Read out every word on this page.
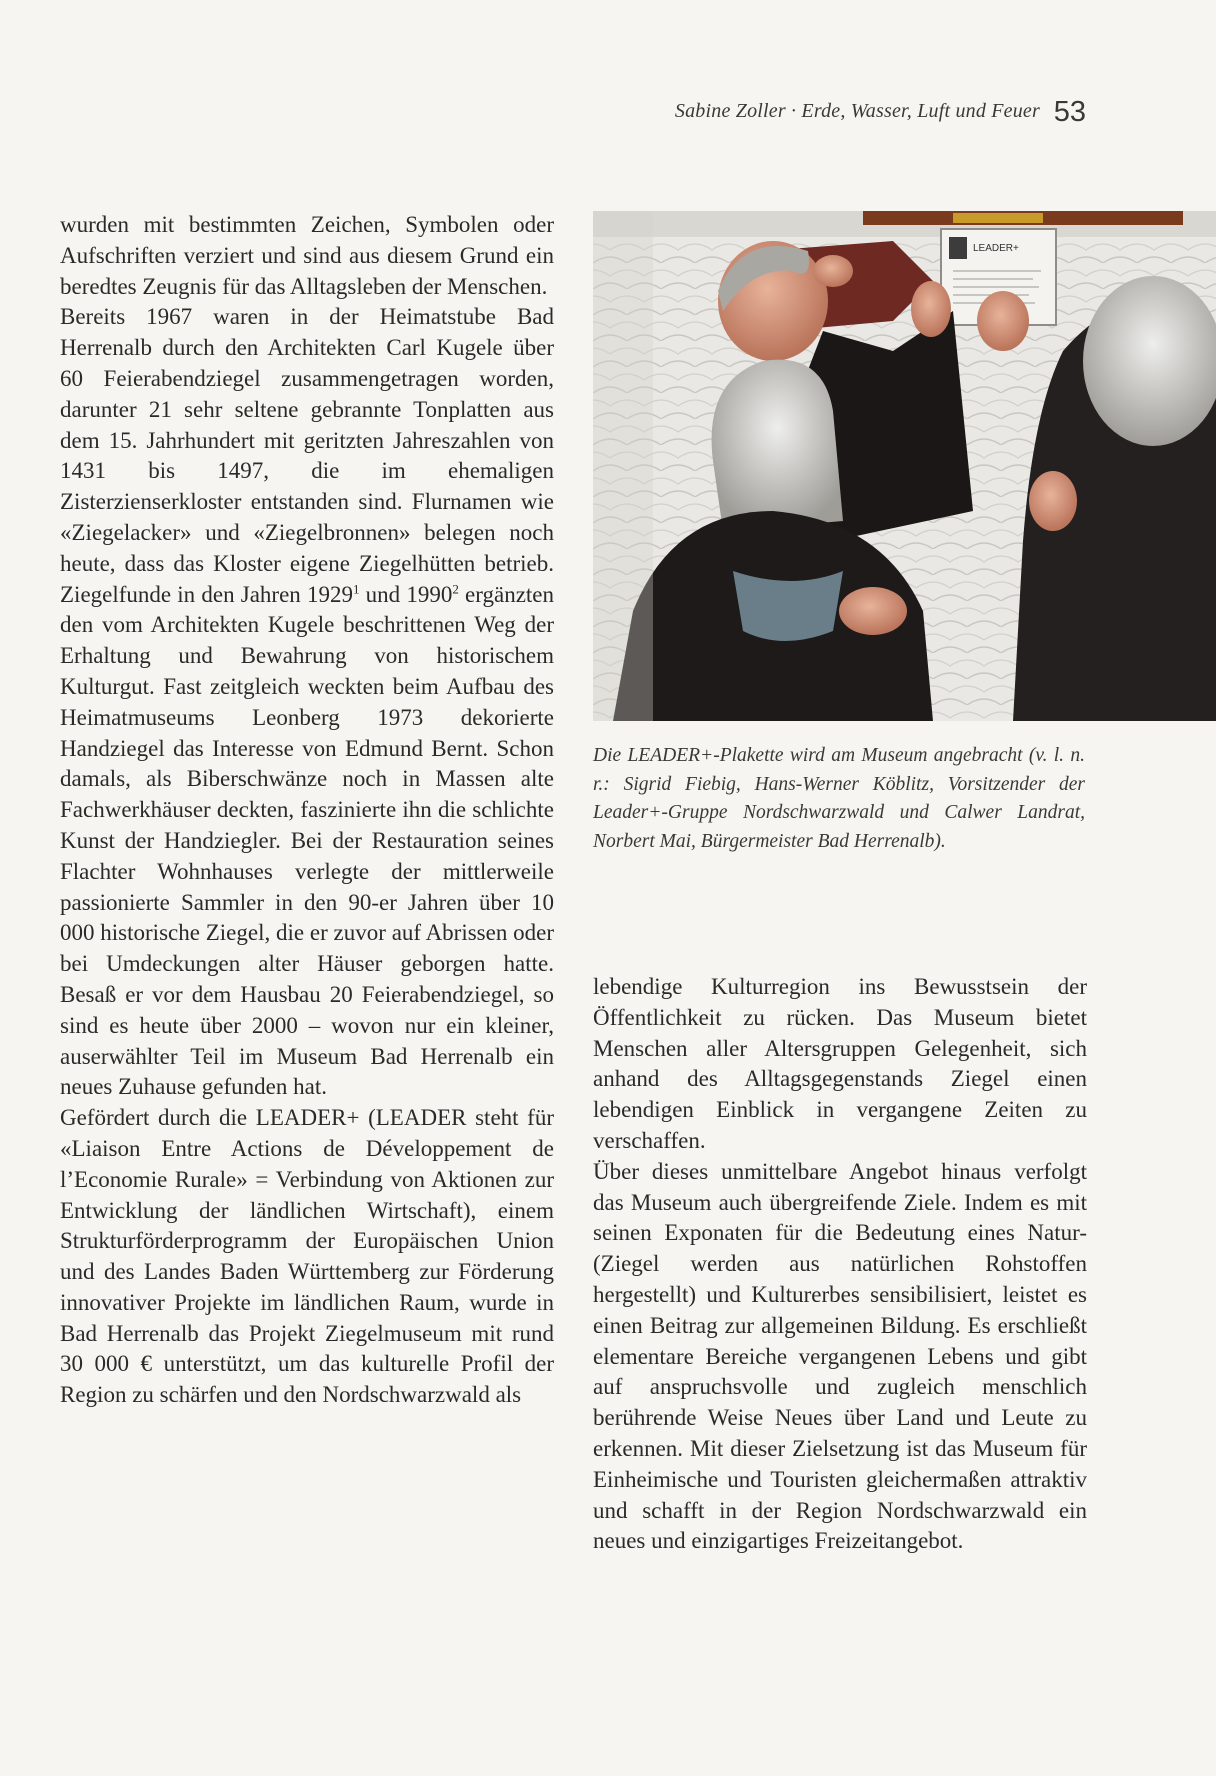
Sabine Zoller · Erde, Wasser, Luft und Feuer 53

wurden mit bestimmten Zeichen, Symbolen oder Aufschriften verziert und sind aus diesem Grund ein beredtes Zeugnis für das Alltagsleben der Menschen.

Bereits 1967 waren in der Heimatstube Bad Herrenalb durch den Architekten Carl Kugele über 60 Feierabendziegel zusammengetragen worden, darunter 21 sehr seltene gebrannte Tonplatten aus dem 15. Jahrhundert mit geritzten Jahreszahlen von 1431 bis 1497, die im ehemaligen Zisterzienserkloster entstanden sind. Flurnamen wie «Ziegelacker» und «Ziegelbronnen» belegen noch heute, dass das Kloster eigene Ziegelhütten betrieb. Ziegelfunde in den Jahren 1929$^1$ und 1990$^2$ ergänzten den vom Architekten Kugele beschrittenen Weg der Erhaltung und Bewahrung von historischem Kulturgut. Fast zeitgleich weckten beim Aufbau des Heimatmuseums Leonberg 1973 dekorierte Handziegel das Interesse von Edmund Bernt. Schon damals, als Biberschwänze noch in Massen alte Fachwerkhäuser deckten, faszinierte ihn die schlichte Kunst der Handziegler. Bei der Restauration seines Flachter Wohnhauses verlegte der mittlerweile passionierte Sammler in den 90-er Jahren über 10 000 historische Ziegel, die er zuvor auf Abrissen oder bei Umdeckungen alter Häuser geborgen hatte. Besaß er vor dem Hausbau 20 Feierabendziegel, so sind es heute über 2000 – wovon nur ein kleiner, auserwählter Teil im Museum Bad Herrenalb ein neues Zuhause gefunden hat.

Gefördert durch die LEADER+ (LEADER steht für «Liaison Entre Actions de Développement de l’Economie Rurale» = Verbindung von Aktionen zur Entwicklung der ländlichen Wirtschaft), einem Strukturförderprogramm der Europäischen Union und des Landes Baden Württemberg zur Förderung innovativer Projekte im ländlichen Raum, wurde in Bad Herrenalb das Projekt Ziegelmuseum mit rund 30 000 € unterstützt, um das kulturelle Profil der Region zu schärfen und den Nordschwarzwald als

LEADER+

Die LEADER+-Plakette wird am Museum angebracht (v. l. n. r.: Sigrid Fiebig, Hans-Werner Köblitz, Vorsitzender der Leader+-Gruppe Nordschwarzwald und Calwer Landrat, Norbert Mai, Bürgermeister Bad Herrenalb).

lebendige Kulturregion ins Bewusstsein der Öffentlichkeit zu rücken. Das Museum bietet Menschen aller Altersgruppen Gelegenheit, sich anhand des Alltagsgegenstands Ziegel einen lebendigen Einblick in vergangene Zeiten zu verschaffen.

Über dieses unmittelbare Angebot hinaus verfolgt das Museum auch übergreifende Ziele. Indem es mit seinen Exponaten für die Bedeutung eines Natur- (Ziegel werden aus natürlichen Rohstoffen hergestellt) und Kulturerbes sensibilisiert, leistet es einen Beitrag zur allgemeinen Bildung. Es erschließt elementare Bereiche vergangenen Lebens und gibt auf anspruchsvolle und zugleich menschlich berührende Weise Neues über Land und Leute zu erkennen. Mit dieser Zielsetzung ist das Museum für Einheimische und Touristen gleichermaßen attraktiv und schafft in der Region Nordschwarzwald ein neues und einzigartiges Freizeitangebot.
